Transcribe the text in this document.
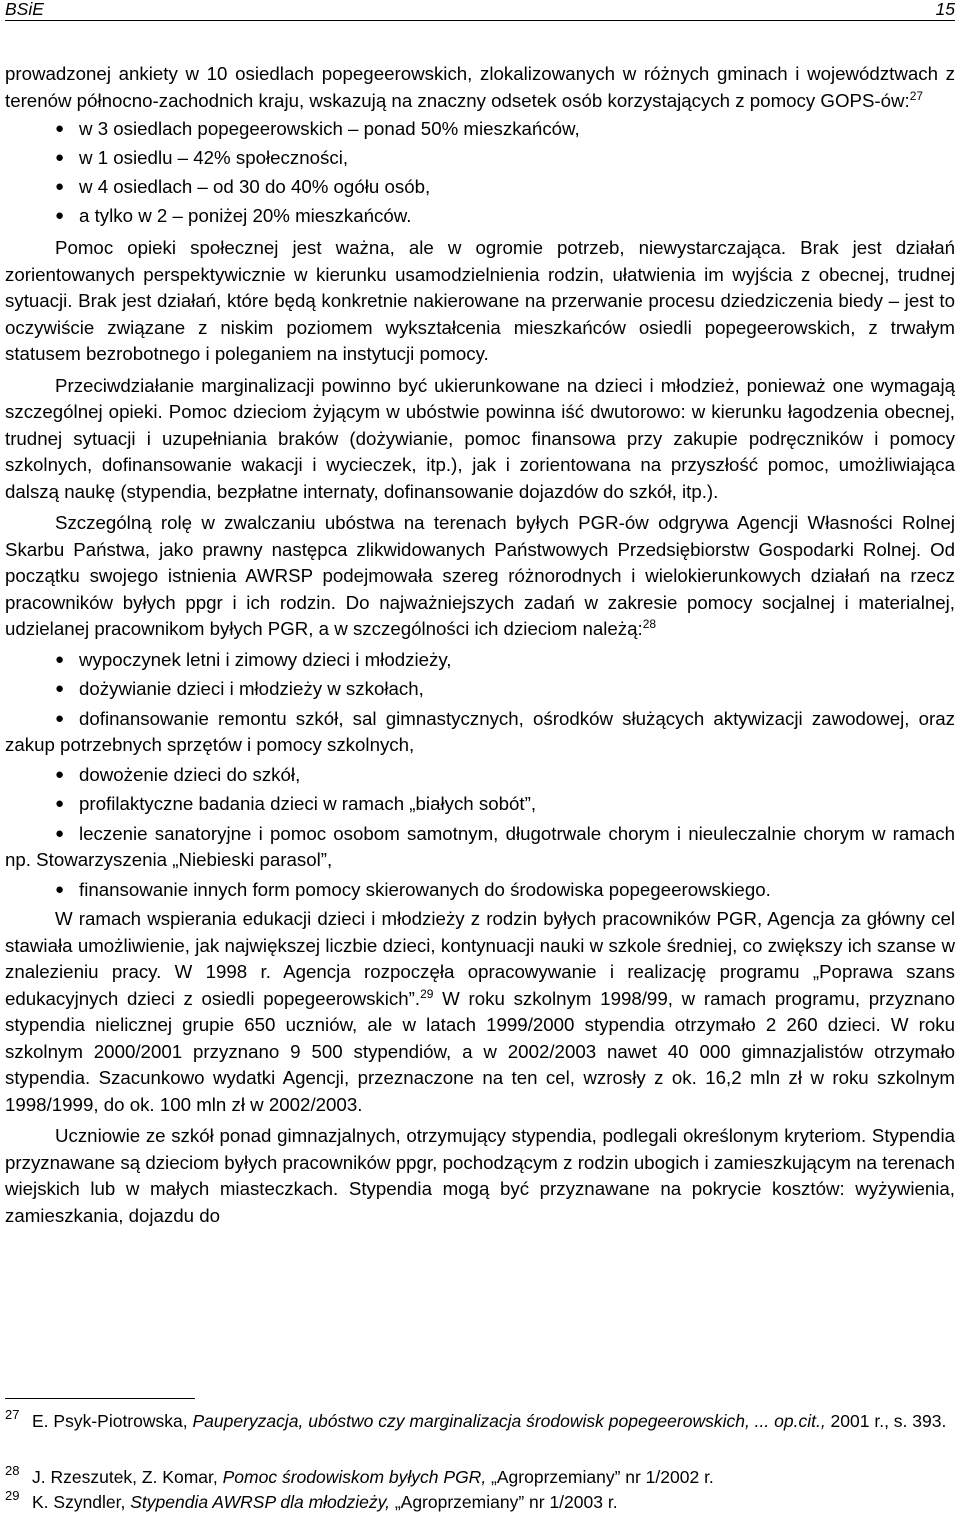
BSiE	15

prowadzonej ankiety w 10 osiedlach popegeerowskich, zlokalizowanych w różnych gminach i województwach z terenów północno-zachodnich kraju, wskazują na znaczny odsetek osób korzystających z pomocy GOPS-ów:$^{27}$

● w 3 osiedlach popegeerowskich – ponad 50% mieszkańców,
● w 1 osiedlu – 42% społeczności,
● w 4 osiedlach – od 30 do 40% ogółu osób,
● a tylko w 2 – poniżej 20% mieszkańców.

Pomoc opieki społecznej jest ważna, ale w ogromie potrzeb, niewystarczająca. Brak jest działań zorientowanych perspektywicznie w kierunku usamodzielnienia rodzin, ułatwienia im wyjścia z obecnej, trudnej sytuacji. Brak jest działań, które będą konkretnie nakierowane na przerwanie procesu dziedziczenia biedy – jest to oczywiście związane z niskim poziomem wykształcenia mieszkańców osiedli popegeerowskich, z trwałym statusem bezrobotnego i poleganiem na instytucji pomocy.

Przeciwdziałanie marginalizacji powinno być ukierunkowane na dzieci i młodzież, ponieważ one wymagają szczególnej opieki. Pomoc dzieciom żyjącym w ubóstwie powinna iść dwutorowo: w kierunku łagodzenia obecnej, trudnej sytuacji i uzupełniania braków (dożywianie, pomoc finansowa przy zakupie podręczników i pomocy szkolnych, dofinansowanie wakacji i wycieczek, itp.), jak i zorientowana na przyszłość pomoc, umożliwiająca dalszą naukę (stypendia, bezpłatne internaty, dofinansowanie dojazdów do szkół, itp.).

Szczególną rolę w zwalczaniu ubóstwa na terenach byłych PGR-ów odgrywa Agencji Własności Rolnej Skarbu Państwa, jako prawny następca zlikwidowanych Państwowych Przedsiębiorstw Gospodarki Rolnej. Od początku swojego istnienia AWRSP podejmowała szereg różnorodnych i wielokierunkowych działań na rzecz pracowników byłych ppgr i ich rodzin. Do najważniejszych zadań w zakresie pomocy socjalnej i materialnej, udzielanej pracownikom byłych PGR, a w szczególności ich dzieciom należą:$^{28}$

● wypoczynek letni i zimowy dzieci i młodzieży,
● dożywianie dzieci i młodzieży w szkołach,
● dofinansowanie remontu szkół, sal gimnastycznych, ośrodków służących aktywizacji zawodowej, oraz zakup potrzebnych sprzętów i pomocy szkolnych,
● dowożenie dzieci do szkół,
● profilaktyczne badania dzieci w ramach „białych sobót”,
● leczenie sanatoryjne i pomoc osobom samotnym, długotrwale chorym i nieuleczalnie chorym w ramach np. Stowarzyszenia „Niebieski parasol”,
● finansowanie innych form pomocy skierowanych do środowiska popegeerowskiego.

W ramach wspierania edukacji dzieci i młodzieży z rodzin byłych pracowników PGR, Agencja za główny cel stawiała umożliwienie, jak największej liczbie dzieci, kontynuacji nauki w szkole średniej, co zwiększy ich szanse w znalezieniu pracy. W 1998 r. Agencja rozpoczęła opracowywanie i realizację programu „Poprawa szans edukacyjnych dzieci z osiedli popegeerowskich”.$^{29}$ W roku szkolnym 1998/99, w ramach programu, przyznano stypendia nielicznej grupie 650 uczniów, ale w latach 1999/2000 stypendia otrzymało 2 260 dzieci. W roku szkolnym 2000/2001 przyznano 9 500 stypendiów, a w 2002/2003 nawet 40 000 gimnazjalistów otrzymało stypendia. Szacunkowo wydatki Agencji, przeznaczone na ten cel, wzrosły z ok. 16,2 mln zł w roku szkolnym 1998/1999, do ok. 100 mln zł w 2002/2003.

Uczniowie ze szkół ponad gimnazjalnych, otrzymujący stypendia, podlegali określonym kryteriom. Stypendia przyznawane są dzieciom byłych pracowników ppgr, pochodzącym z rodzin ubogich i zamieszkującym na terenach wiejskich lub w małych miasteczkach. Stypendia mogą być przyznawane na pokrycie kosztów: wyżywienia, zamieszkania, dojazdu do

27 E. Psyk-Piotrowska, Pauperyzacja, ubóstwo czy marginalizacja środowisk popegeerowskich, ... op.cit., 2001 r., s. 393.
28 J. Rzeszutek, Z. Komar, Pomoc środowiskom byłych PGR, „Agroprzemiany” nr 1/2002 r.
29 K. Szyndler, Stypendia AWRSP dla młodzieży, „Agroprzemiany” nr 1/2003 r.
